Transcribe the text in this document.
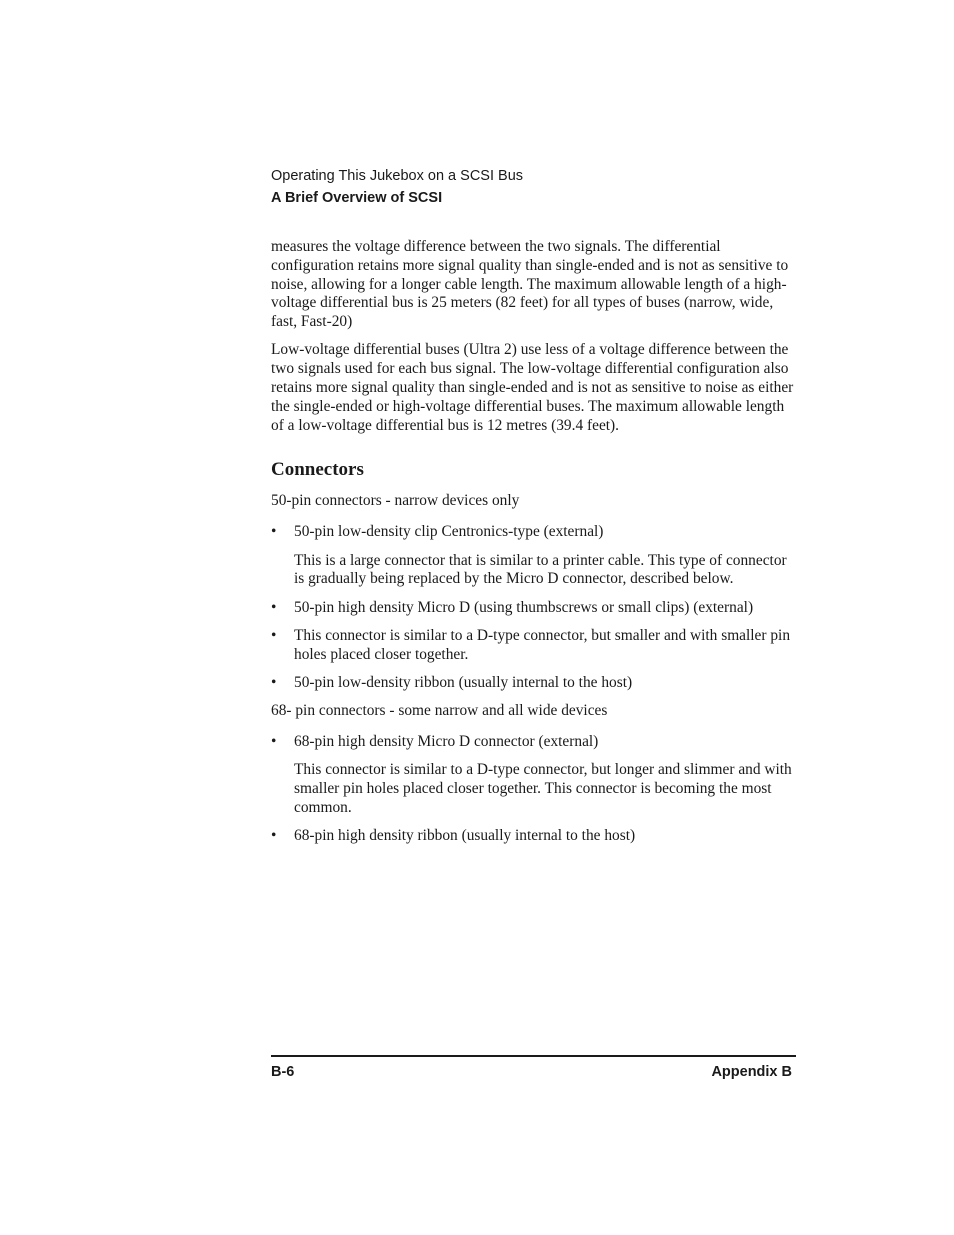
Operating This Jukebox on a SCSI Bus
A Brief Overview of SCSI

measures the voltage difference between the two signals. The differential configuration retains more signal quality than single-ended and is not as sensitive to noise, allowing for a longer cable length. The maximum allowable length of a high-voltage differential bus is 25 meters (82 feet) for all types of buses (narrow, wide, fast, Fast-20)

Low-voltage differential buses (Ultra 2) use less of a voltage difference between the two signals used for each bus signal. The low-voltage differential configuration also retains more signal quality than single-ended and is not as sensitive to noise as either the single-ended or high-voltage differential buses. The maximum allowable length of a low-voltage differential bus is 12 metres (39.4 feet).

Connectors

50-pin connectors - narrow devices only

• 50-pin low-density clip Centronics-type (external)
This is a large connector that is similar to a printer cable. This type of connector is gradually being replaced by the Micro D connector, described below.
• 50-pin high density Micro D (using thumbscrews or small clips) (external)
• This connector is similar to a D-type connector, but smaller and with smaller pin holes placed closer together.
• 50-pin low-density ribbon (usually internal to the host)

68- pin connectors - some narrow and all wide devices

• 68-pin high density Micro D connector (external)
This connector is similar to a D-type connector, but longer and slimmer and with smaller pin holes placed closer together. This connector is becoming the most common.
• 68-pin high density ribbon (usually internal to the host)
B-6	Appendix B
